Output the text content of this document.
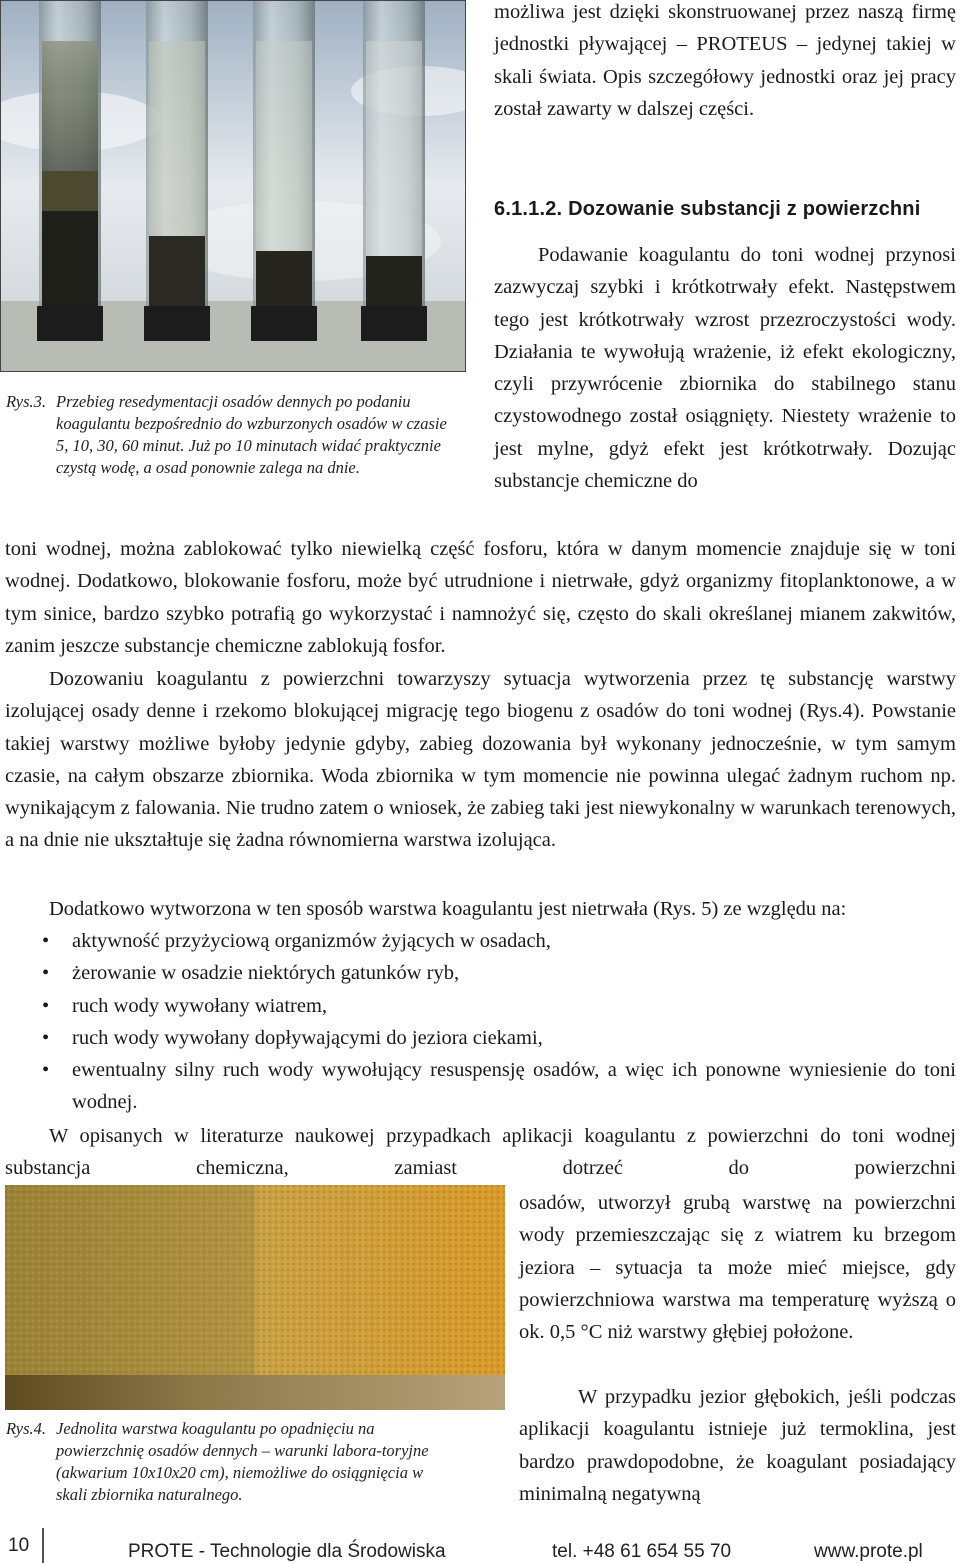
Rys.3. Przebieg resedymentacji osadów dennych po podaniu koagulantu bezpośrednio do wzburzonych osadów w czasie 5, 10, 30, 60 minut. Już po 10 minutach widać praktycznie czystą wodę, a osad ponownie zalega na dnie.

możliwa jest dzięki skonstruowanej przez naszą firmę jednostki pływającej – PROTEUS – jedynej takiej w skali świata. Opis szczegółowy jednostki oraz jej pracy został zawarty w dalszej części.

6.1.1.2. Dozowanie substancji z powierzchni

Podawanie koagulantu do toni wodnej przynosi zazwyczaj szybki i krótkotrwały efekt. Następstwem tego jest krótkotrwały wzrost przezroczystości wody. Działania te wywołują wrażenie, iż efekt ekologiczny, czyli przywrócenie zbiornika do stabilnego stanu czystowodnego został osiągnięty. Niestety wrażenie to jest mylne, gdyż efekt jest krótkotrwały. Dozując substancje chemiczne do

toni wodnej, można zablokować tylko niewielką część fosforu, która w danym momencie znajduje się w toni wodnej. Dodatkowo, blokowanie fosforu, może być utrudnione i nietrwałe, gdyż organizmy fitoplanktonowe, a w tym sinice, bardzo szybko potrafią go wykorzystać i namnożyć się, często do skali określanej mianem zakwitów, zanim jeszcze substancje chemiczne zablokują fosfor.

Dozowaniu koagulantu z powierzchni towarzyszy sytuacja wytworzenia przez tę substancję warstwy izolującej osady denne i rzekomo blokującej migrację tego biogenu z osadów do toni wodnej (Rys.4). Powstanie takiej warstwy możliwe byłoby jedynie gdyby, zabieg dozowania był wykonany jednocześnie, w tym samym czasie, na całym obszarze zbiornika. Woda zbiornika w tym momencie nie powinna ulegać żadnym ruchom np. wynikającym z falowania. Nie trudno zatem o wniosek, że zabieg taki jest niewykonalny w warunkach terenowych, a na dnie nie ukształtuje się żadna równomierna warstwa izolująca.

Dodatkowo wytworzona w ten sposób warstwa koagulantu jest nietrwała (Rys. 5) ze względu na:

• aktywność przyżyciową organizmów żyjących w osadach,
• żerowanie w osadzie niektórych gatunków ryb,
• ruch wody wywołany wiatrem,
• ruch wody wywołany dopływającymi do jeziora ciekami,
• ewentualny silny ruch wody wywołujący resuspensję osadów, a więc ich ponowne wyniesienie do toni wodnej.

W opisanych w literaturze naukowej przypadkach aplikacji koagulantu z powierzchni do toni wodnej substancja chemiczna, zamiast dotrzeć do powierzchni

Rys.4. Jednolita warstwa koagulantu po opadnięciu na powierzchnię osadów dennych – warunki labora-toryjne (akwarium 10x10x20 cm), niemożliwe do osiągnięcia w skali zbiornika naturalnego.

osadów, utworzył grubą warstwę na powierzchni wody przemieszczając się z wiatrem ku brzegom jeziora – sytuacja ta może mieć miejsce, gdy powierzchniowa warstwa ma temperaturę wyższą o ok. 0,5 °C niż warstwy głębiej położone.

W przypadku jezior głębokich, jeśli podczas aplikacji koagulantu istnieje już termoklina, jest bardzo prawdopodobne, że koagulant posiadający minimalną negatywną

10	PROTE - Technologie dla Środowiska	tel. +48 61 654 55 70	www.prote.pl
